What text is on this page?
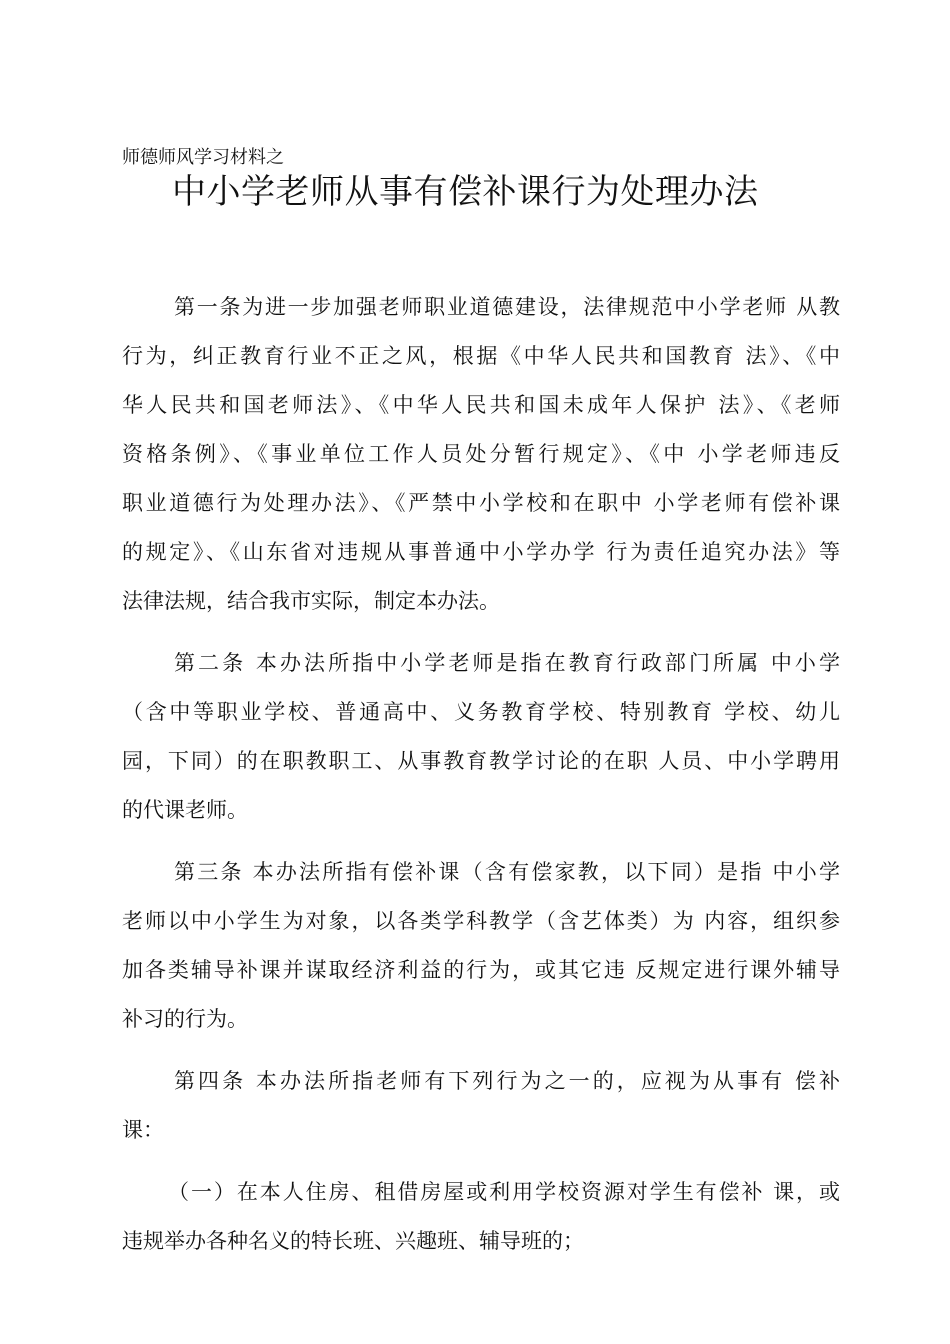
师德师风学习材料之
中小学老师从事有偿补课行为处理办法
第一条为进一步加强老师职业道德建设，法律规范中小学老师 从教
行为，纠正教育行业不正之风，根据《中华人民共和国教育 法》、《中
华人民共和国老师法》、《中华人民共和国未成年人保护 法》、《老师
资格条例》、《事业单位工作人员处分暂行规定》、《中 小学老师违反
职业道德行为处理办法》、《严禁中小学校和在职中 小学老师有偿补课
的规定》、《山东省对违规从事普通中小学办学 行为责任追究办法》等
法律法规，结合我市实际，制定本办法。
第二条 本办法所指中小学老师是指在教育行政部门所属 中小学
（含中等职业学校、普通高中、义务教育学校、特别教育 学校、幼儿
园，下同）的在职教职工、从事教育教学讨论的在职 人员、中小学聘用
的代课老师。
第三条 本办法所指有偿补课（含有偿家教，以下同）是指 中小学
老师以中小学生为对象，以各类学科教学（含艺体类）为 内容，组织参
加各类辅导补课并谋取经济利益的行为，或其它违 反规定进行课外辅导
补习的行为。
第四条 本办法所指老师有下列行为之一的，应视为从事有 偿补
课：
（一）在本人住房、租借房屋或利用学校资源对学生有偿补 课，或
违规举办各种名义的特长班、兴趣班、辅导班的；
